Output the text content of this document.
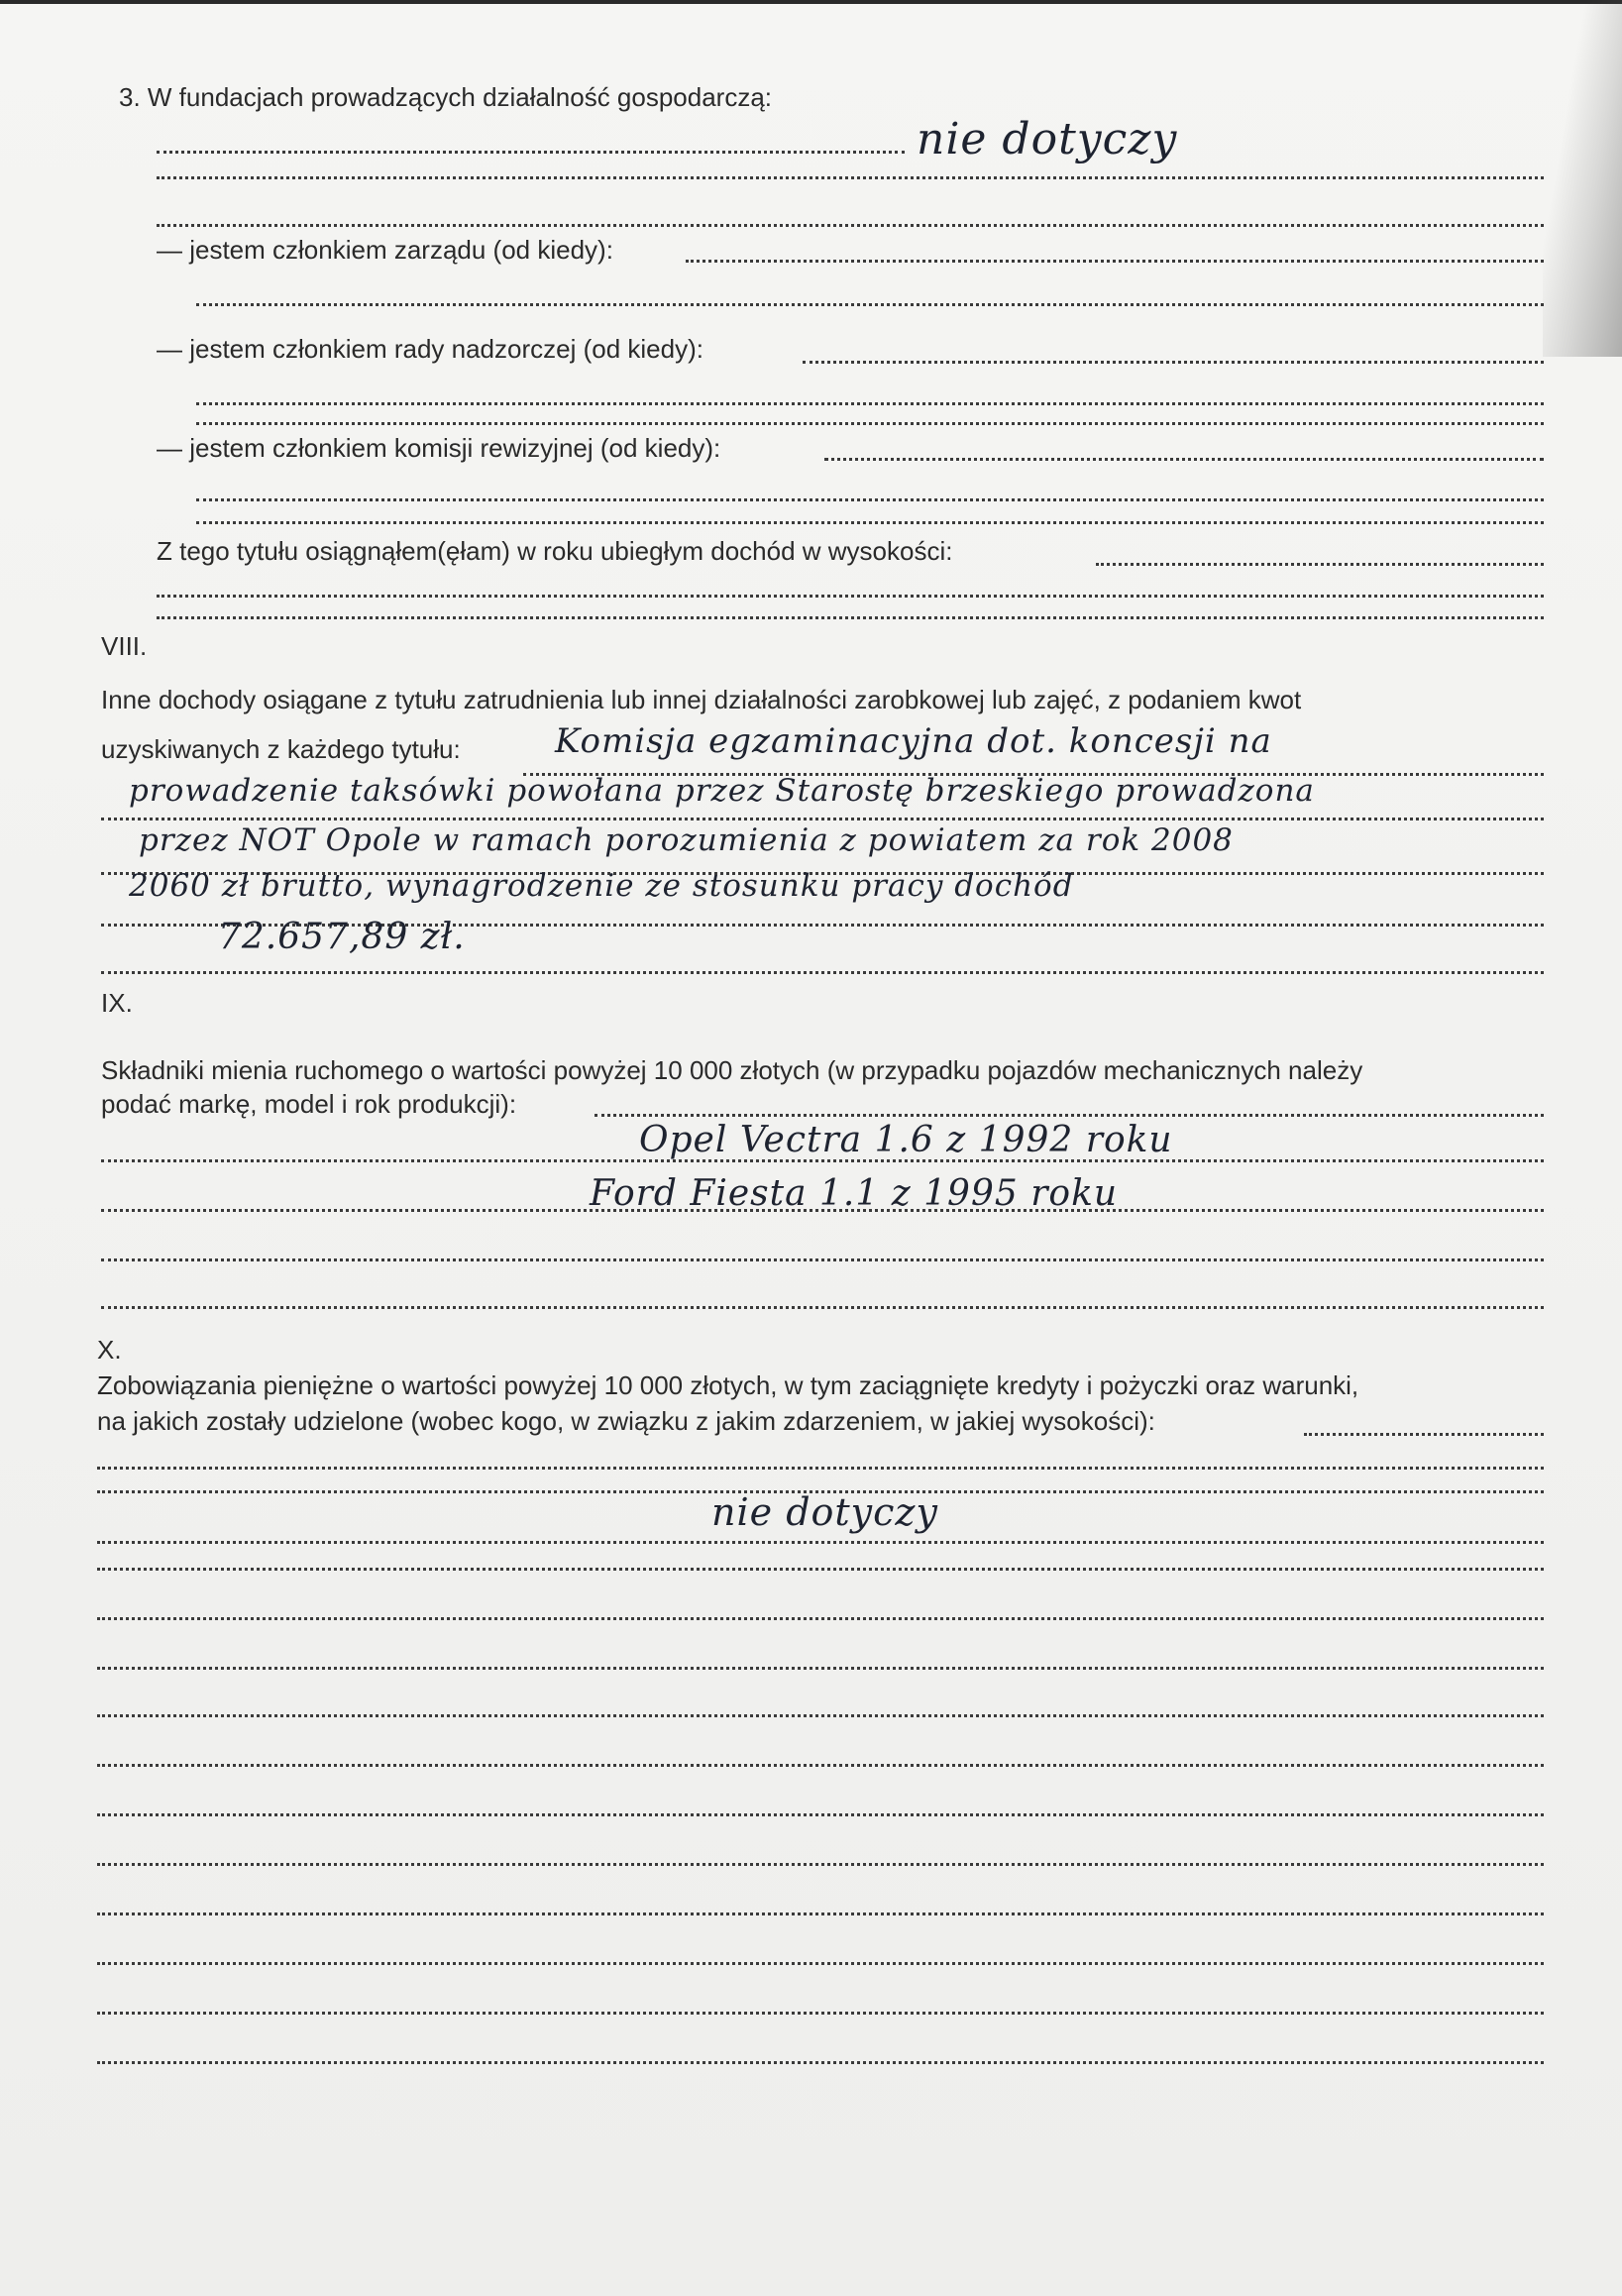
3. W fundacjach prowadzących działalność gospodarczą:
nie dotyczy
— jestem członkiem zarządu (od kiedy):
— jestem członkiem rady nadzorczej (od kiedy):
— jestem członkiem komisji rewizyjnej (od kiedy):
Z tego tytułu osiągnąłem(ęłam) w roku ubiegłym dochód w wysokości:
VIII.
Inne dochody osiągane z tytułu zatrudnienia lub innej działalności zarobkowej lub zajęć, z podaniem kwot
uzyskiwanych z każdego tytułu:	Komisja egzaminacyjna dot. koncesji na
prowadzenie taksówki powołana przez Starostę brzeskiego prowadzona
przez NOT Opole w ramach porozumienia z powiatem za rok 2008
2060 zł brutto, wynagrodzenie ze stosunku pracy dochód
72.657,89 zł.
IX.
Składniki mienia ruchomego o wartości powyżej 10 000 złotych (w przypadku pojazdów mechanicznych należy
podać markę, model i rok produkcji):
Opel Vectra 1.6 z 1992 roku
Ford Fiesta 1.1 z 1995 roku
X.
Zobowiązania pieniężne o wartości powyżej 10 000 złotych, w tym zaciągnięte kredyty i pożyczki oraz warunki,
na jakich zostały udzielone (wobec kogo, w związku z jakim zdarzeniem, w jakiej wysokości):
nie dotyczy
